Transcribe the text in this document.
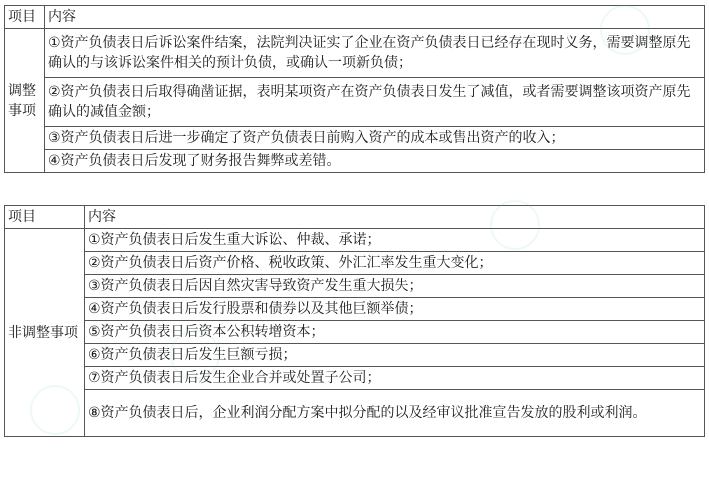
项目	内容
调整事项	①资产负债表日后诉讼案件结案，法院判决证实了企业在资产负债表日已经存在现时义务，需要调整原先确认的与该诉讼案件相关的预计负债，或确认一项新负债；
	②资产负债表日后取得确凿证据，表明某项资产在资产负债表日发生了减值，或者需要调整该项资产原先确认的减值金额；
	③资产负债表日后进一步确定了资产负债表日前购入资产的成本或售出资产的收入；
	④资产负债表日后发现了财务报告舞弊或差错。
项目	内容
非调整事项	①资产负债表日后发生重大诉讼、仲裁、承诺；
	②资产负债表日后资产价格、税收政策、外汇汇率发生重大变化；
	③资产负债表日后因自然灾害导致资产发生重大损失；
	④资产负债表日后发行股票和债券以及其他巨额举债；
	⑤资产负债表日后资本公积转增资本；
	⑥资产负债表日后发生巨额亏损；
	⑦资产负债表日后发生企业合并或处置子公司；
	⑧资产负债表日后，企业利润分配方案中拟分配的以及经审议批准宣告发放的股利或利润。
